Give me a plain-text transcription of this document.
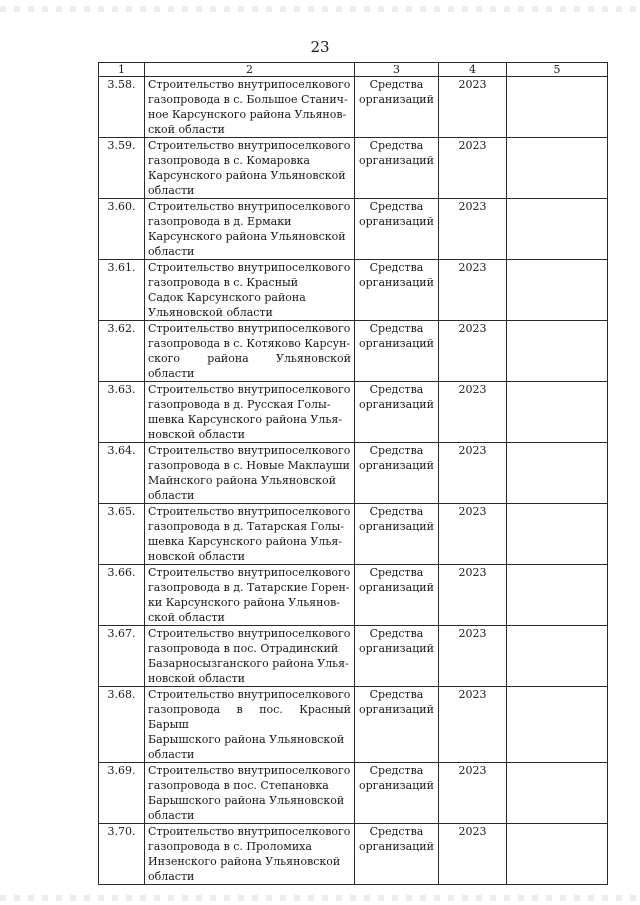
23
1	2	3	4	5
3.58.	Строительство внутрипоселкового
газопровода в с. Большое Станич-
ное Карсунского района Ульянов-
ской области	Средства
организаций	2023	
3.59.	Строительство внутрипоселкового
газопровода в с. Комаровка
Карсунского района Ульяновской
области	Средства
организаций	2023	
3.60.	Строительство внутрипоселкового
газопровода в д. Ермаки
Карсунского района Ульяновской
области	Средства
организаций	2023	
3.61.	Строительство внутрипоселкового
газопровода в с. Красный
Садок Карсунского района
Ульяновской области	Средства
организаций	2023	
3.62.	Строительство внутрипоселкового
газопровода в с. Котяково Карсун-
ского района Ульяновской области	Средства
организаций	2023	
3.63.	Строительство внутрипоселкового
газопровода в д. Русская Голы-
шевка Карсунского района Улья-
новской области	Средства
организаций	2023	
3.64.	Строительство внутрипоселкового
газопровода в с. Новые Маклауши
Майнского района Ульяновской
области	Средства
организаций	2023	
3.65.	Строительство внутрипоселкового
газопровода в д. Татарская Голы-
шевка Карсунского района Улья-
новской области	Средства
организаций	2023	
3.66.	Строительство внутрипоселкового
газопровода в д. Татарские Горен-
ки Карсунского района Ульянов-
ской области	Средства
организаций	2023	
3.67.	Строительство внутрипоселкового
газопровода в пос. Отрадинский
Базарносызганского района Улья-
новской области	Средства
организаций	2023	
3.68.	Строительство внутрипоселкового
газопровода в пос. Красный Барыш
Барышского района Ульяновской
области	Средства
организаций	2023	
3.69.	Строительство внутрипоселкового
газопровода в пос. Степановка
Барышского района Ульяновской
области	Средства
организаций	2023	
3.70.	Строительство внутрипоселкового
газопровода в с. Проломиха
Инзенского района Ульяновской
области	Средства
организаций	2023	
